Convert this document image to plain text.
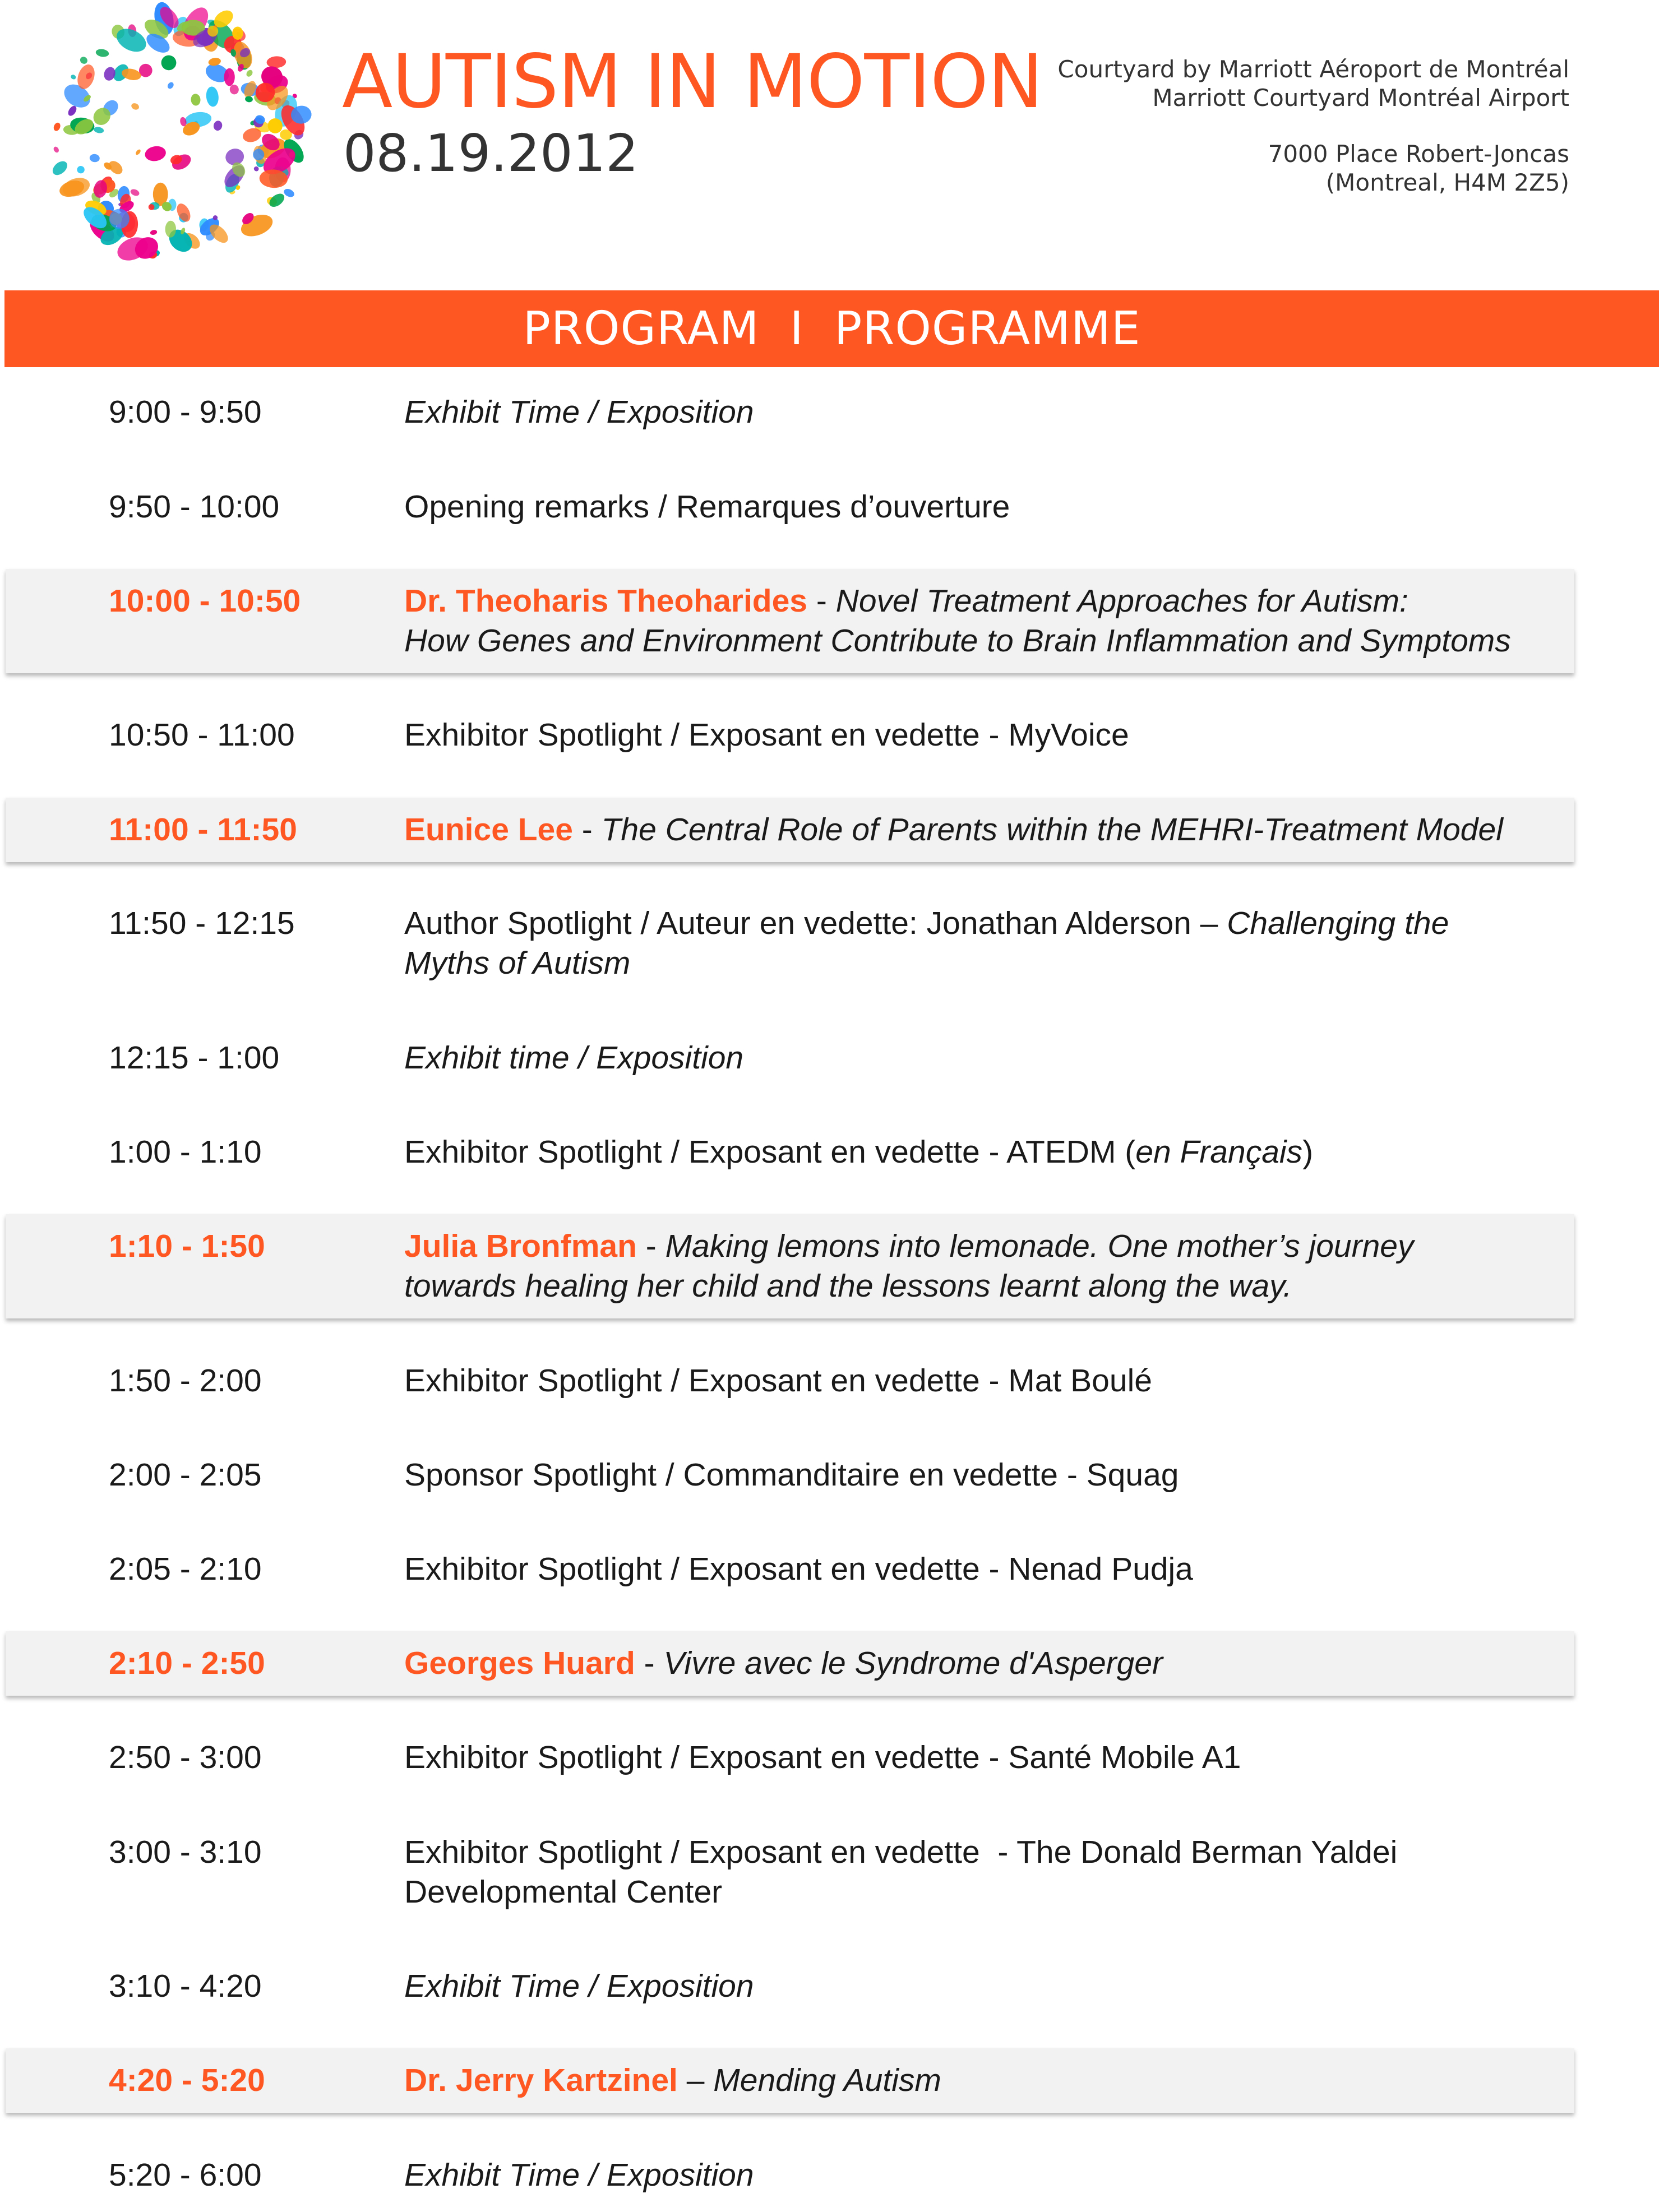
AUTISM IN MOTION
08.19.2012
Courtyard by Marriott Aéroport de Montréal
Marriott Courtyard Montréal Airport
7000 Place Robert-Joncas
(Montreal, H4M 2Z5)
PROGRAM  I  PROGRAMME
9:00 - 9:50	Exhibit Time / Exposition
9:50 - 10:00	Opening remarks / Remarques d’ouverture
10:00 - 10:50	Dr. Theoharis Theoharides - Novel Treatment Approaches for Autism:
How Genes and Environment Contribute to Brain Inflammation and Symptoms
10:50 - 11:00	Exhibitor Spotlight / Exposant en vedette - MyVoice
11:00 - 11:50	Eunice Lee - The Central Role of Parents within the MEHRI-Treatment Model
11:50 - 12:15	Author Spotlight / Auteur en vedette: Jonathan Alderson – Challenging the
Myths of Autism
12:15 - 1:00	Exhibit time / Exposition
1:00 - 1:10	Exhibitor Spotlight / Exposant en vedette - ATEDM (en Français)
1:10 - 1:50	Julia Bronfman - Making lemons into lemonade. One mother’s journey
towards healing her child and the lessons learnt along the way.
1:50 - 2:00	Exhibitor Spotlight / Exposant en vedette - Mat Boulé
2:00 - 2:05	Sponsor Spotlight / Commanditaire en vedette - Squag
2:05 - 2:10	Exhibitor Spotlight / Exposant en vedette - Nenad Pudja
2:10 - 2:50	Georges Huard - Vivre avec le Syndrome d'Asperger
2:50 - 3:00	Exhibitor Spotlight / Exposant en vedette - Santé Mobile A1
3:00 - 3:10	Exhibitor Spotlight / Exposant en vedette  - The Donald Berman Yaldei
Developmental Center
3:10 - 4:20	Exhibit Time / Exposition
4:20 - 5:20	Dr. Jerry Kartzinel – Mending Autism
5:20 - 6:00	Exhibit Time / Exposition
